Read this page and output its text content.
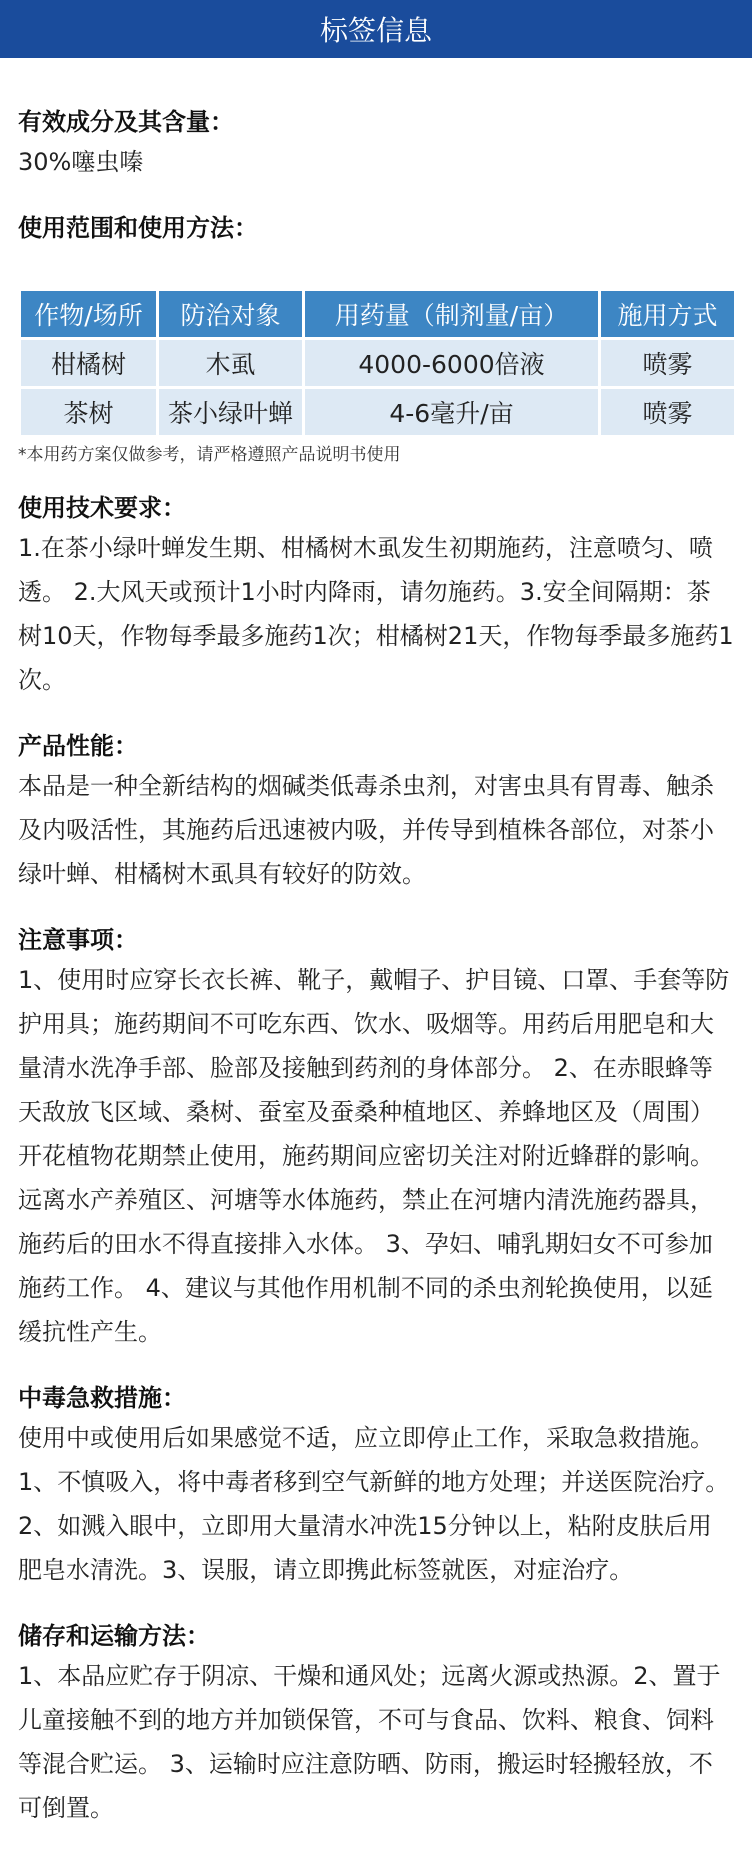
标签信息
有效成分及其含量：
30%噻虫嗪
使用范围和使用方法：
作物/场所	防治对象	用药量（制剂量/亩）	施用方式
柑橘树	木虱	4000-6000倍液	喷雾
茶树	茶小绿叶蝉	4-6毫升/亩	喷雾
*本用药方案仅做参考，请严格遵照产品说明书使用
使用技术要求：
1.在茶小绿叶蝉发生期、柑橘树木虱发生初期施药，注意喷匀、喷透。 2.大风天或预计1小时内降雨，请勿施药。3.安全间隔期：茶树10天，作物每季最多施药1次；柑橘树21天，作物每季最多施药1次。
产品性能：
本品是一种全新结构的烟碱类低毒杀虫剂，对害虫具有胃毒、触杀及内吸活性，其施药后迅速被内吸，并传导到植株各部位，对茶小绿叶蝉、柑橘树木虱具有较好的防效。
注意事项：
1、使用时应穿长衣长裤、靴子，戴帽子、护目镜、口罩、手套等防护用具；施药期间不可吃东西、饮水、吸烟等。用药后用肥皂和大量清水洗净手部、脸部及接触到药剂的身体部分。 2、在赤眼蜂等天敌放飞区域、桑树、蚕室及蚕桑种植地区、养蜂地区及（周围）开花植物花期禁止使用，施药期间应密切关注对附近蜂群的影响。远离水产养殖区、河塘等水体施药，禁止在河塘内清洗施药器具，施药后的田水不得直接排入水体。 3、孕妇、哺乳期妇女不可参加施药工作。 4、建议与其他作用机制不同的杀虫剂轮换使用，以延缓抗性产生。
中毒急救措施：
使用中或使用后如果感觉不适，应立即停止工作，采取急救措施。 1、不慎吸入，将中毒者移到空气新鲜的地方处理；并送医院治疗。 2、如溅入眼中，立即用大量清水冲洗15分钟以上，粘附皮肤后用肥皂水清洗。3、误服，请立即携此标签就医，对症治疗。
储存和运输方法：
1、本品应贮存于阴凉、干燥和通风处；远离火源或热源。2、置于儿童接触不到的地方并加锁保管，不可与食品、饮料、粮食、饲料等混合贮运。 3、运输时应注意防晒、防雨，搬运时轻搬轻放，不可倒置。
